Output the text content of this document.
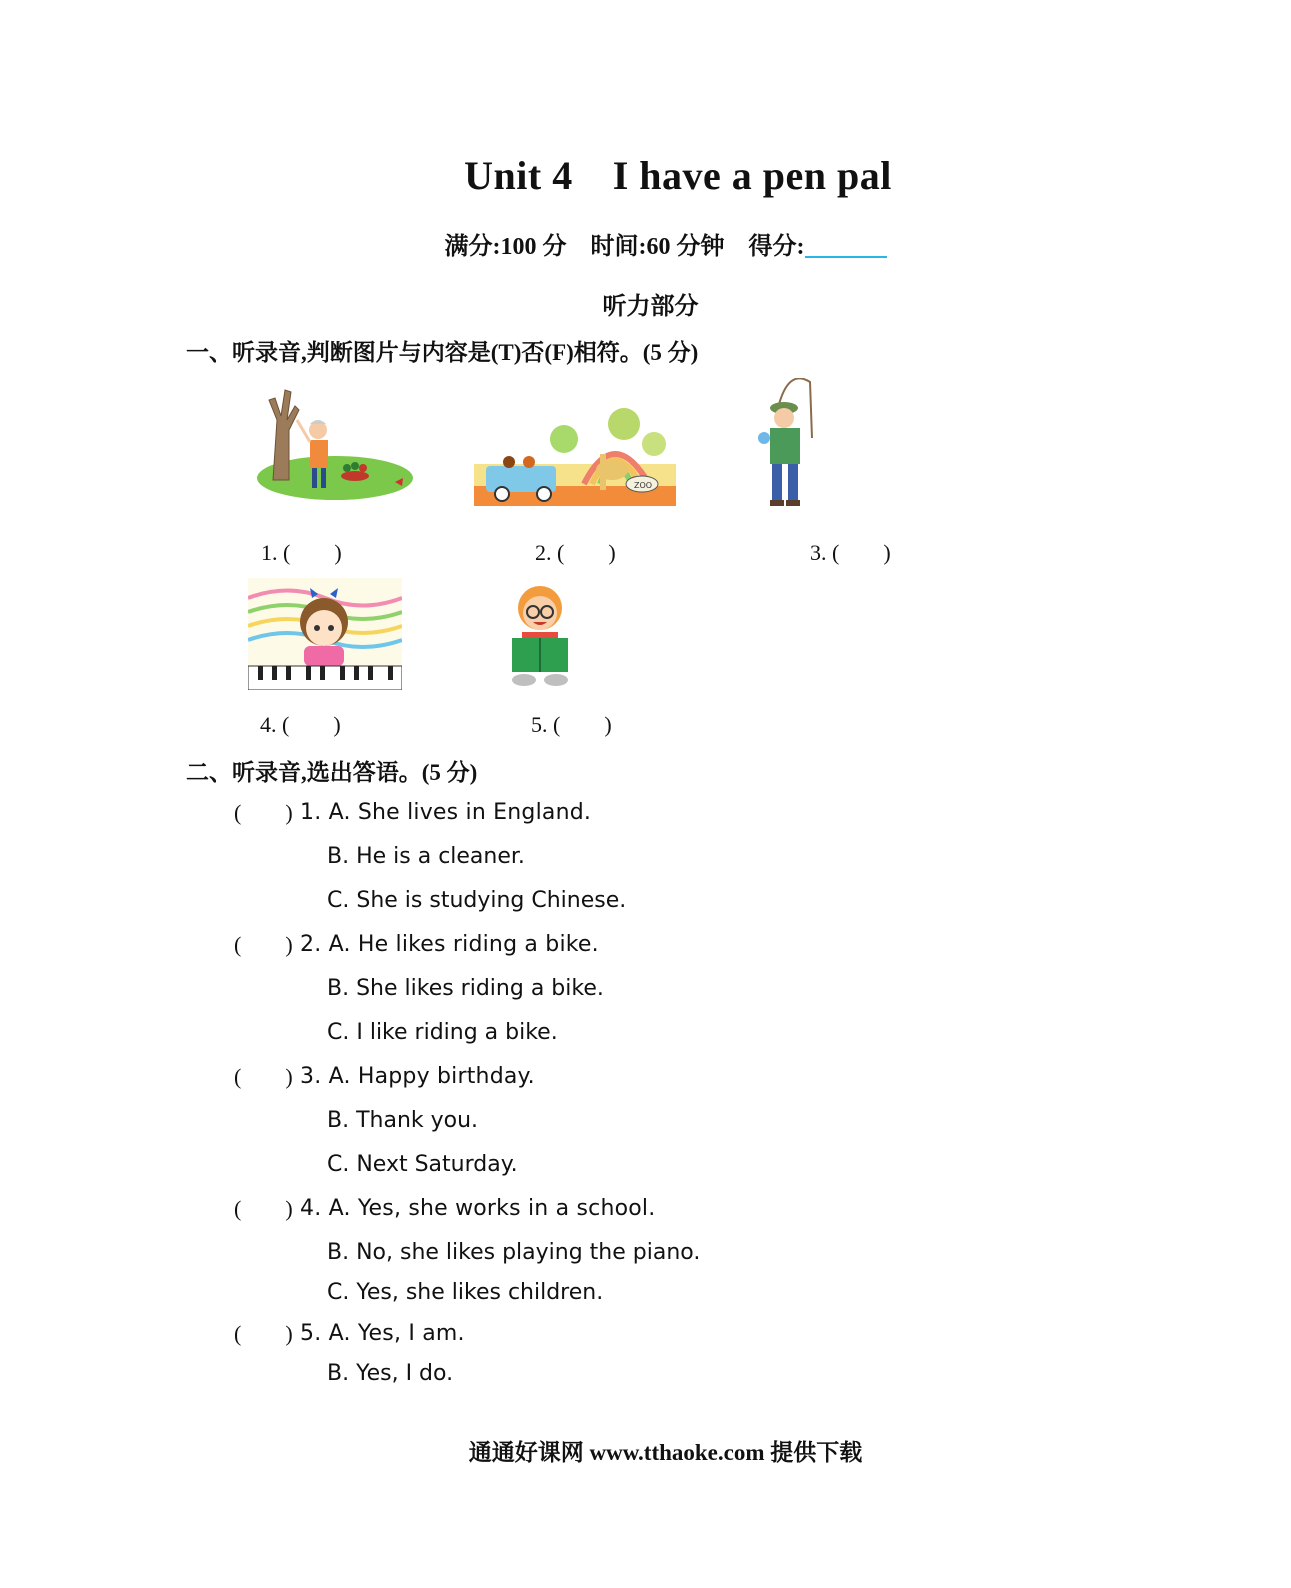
Unit 4 I have a pen pal
满分:100 分 时间:60 分钟 得分:
听力部分
一、听录音,判断图片与内容是(T)否(F)相符。(5 分)
1. (        )
ZOO
2. (        )	3. (        )
4. (        )	5. (        )
二、听录音,选出答语。(5 分)
(        ) 1. A. She lives in England.
B. He is a cleaner.
C. She is studying Chinese.
(        ) 2. A. He likes riding a bike.
B. She likes riding a bike.
C. I like riding a bike.
(        ) 3. A. Happy birthday.
B. Thank you.
C. Next Saturday.
(        ) 4. A. Yes, she works in a school.
B. No, she likes playing the piano.
C. Yes, she likes children.
(        ) 5. A. Yes, I am.
B. Yes, I do.
通通好课网 www.tthaoke.com 提供下载
